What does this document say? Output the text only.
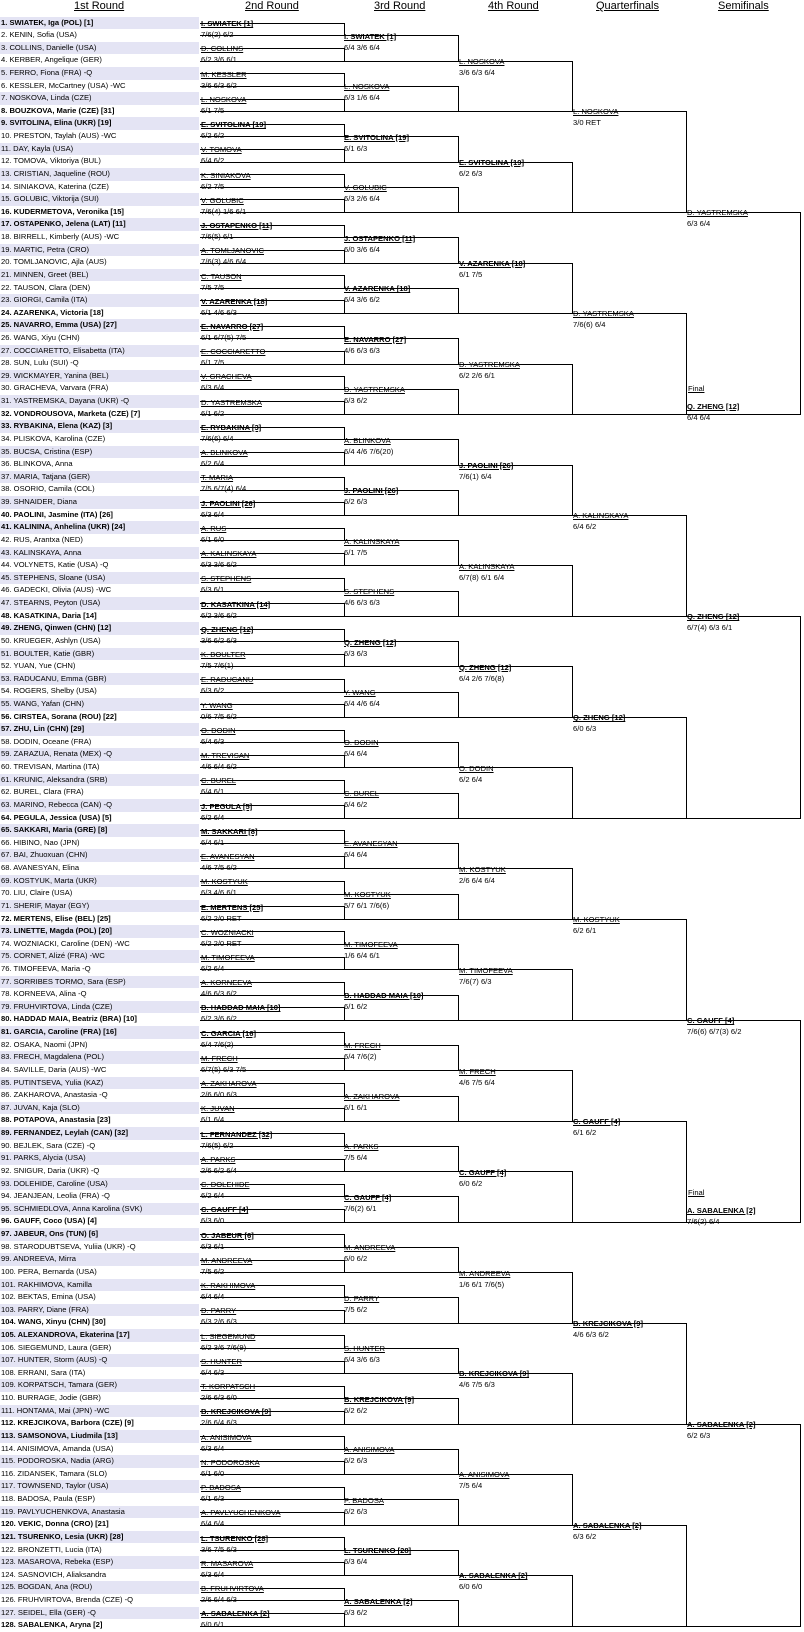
1st Round	2nd Round	3rd Round	4th Round	Quarterfinals	Semifinals
Final
Final
1. SWIATEK, Iga (POL) [1]
2. KENIN, Sofia (USA)
3. COLLINS, Danielle (USA)
4. KERBER, Angelique (GER)
5. FERRO, Fiona (FRA) -Q
6. KESSLER, McCartney (USA) -WC
7. NOSKOVA, Linda (CZE)
8. BOUZKOVA, Marie (CZE) [31]
9. SVITOLINA, Elina (UKR) [19]
10. PRESTON, Taylah (AUS) -WC
11. DAY, Kayla (USA)
12. TOMOVA, Viktoriya (BUL)
13. CRISTIAN, Jaqueline (ROU)
14. SINIAKOVA, Katerina (CZE)
15. GOLUBIC, Viktorija (SUI)
16. KUDERMETOVA, Veronika [15]
17. OSTAPENKO, Jelena (LAT) [11]
18. BIRRELL, Kimberly (AUS) -WC
19. MARTIC, Petra (CRO)
20. TOMLJANOVIC, Ajla (AUS)
21. MINNEN, Greet (BEL)
22. TAUSON, Clara (DEN)
23. GIORGI, Camila (ITA)
24. AZARENKA, Victoria [18]
25. NAVARRO, Emma (USA) [27]
26. WANG, Xiyu (CHN)
27. COCCIARETTO, Elisabetta (ITA)
28. SUN, Lulu (SUI) -Q
29. WICKMAYER, Yanina (BEL)
30. GRACHEVA, Varvara (FRA)
31. YASTREMSKA, Dayana (UKR) -Q
32. VONDROUSOVA, Marketa (CZE) [7]
33. RYBAKINA, Elena (KAZ) [3]
34. PLISKOVA, Karolina (CZE)
35. BUCSA, Cristina (ESP)
36. BLINKOVA, Anna
37. MARIA, Tatjana (GER)
38. OSORIO, Camila (COL)
39. SHNAIDER, Diana
40. PAOLINI, Jasmine (ITA) [26]
41. KALININA, Anhelina (UKR) [24]
42. RUS, Arantxa (NED)
43. KALINSKAYA, Anna
44. VOLYNETS, Katie (USA) -Q
45. STEPHENS, Sloane (USA)
46. GADECKI, Olivia (AUS) -WC
47. STEARNS, Peyton (USA)
48. KASATKINA, Daria [14]
49. ZHENG, Qinwen (CHN) [12]
50. KRUEGER, Ashlyn (USA)
51. BOULTER, Katie (GBR)
52. YUAN, Yue (CHN)
53. RADUCANU, Emma (GBR)
54. ROGERS, Shelby (USA)
55. WANG, Yafan (CHN)
56. CIRSTEA, Sorana (ROU) [22]
57. ZHU, Lin (CHN) [29]
58. DODIN, Oceane (FRA)
59. ZARAZUA, Renata (MEX) -Q
60. TREVISAN, Martina (ITA)
61. KRUNIC, Aleksandra (SRB)
62. BUREL, Clara (FRA)
63. MARINO, Rebecca (CAN) -Q
64. PEGULA, Jessica (USA) [5]
65. SAKKARI, Maria (GRE) [8]
66. HIBINO, Nao (JPN)
67. BAI, Zhuoxuan (CHN)
68. AVANESYAN, Elina
69. KOSTYUK, Marta (UKR)
70. LIU, Claire (USA)
71. SHERIF, Mayar (EGY)
72. MERTENS, Elise (BEL) [25]
73. LINETTE, Magda (POL) [20]
74. WOZNIACKI, Caroline (DEN) -WC
75. CORNET, Alizé (FRA) -WC
76. TIMOFEEVA, Maria -Q
77. SORRIBES TORMO, Sara (ESP)
78. KORNEEVA, Alina -Q
79. FRUHVIRTOVA, Linda (CZE)
80. HADDAD MAIA, Beatriz (BRA) [10]
81. GARCIA, Caroline (FRA) [16]
82. OSAKA, Naomi (JPN)
83. FRECH, Magdalena (POL)
84. SAVILLE, Daria (AUS) -WC
85. PUTINTSEVA, Yulia (KAZ)
86. ZAKHAROVA, Anastasia -Q
87. JUVAN, Kaja (SLO)
88. POTAPOVA, Anastasia [23]
89. FERNANDEZ, Leylah (CAN) [32]
90. BEJLEK, Sara (CZE) -Q
91. PARKS, Alycia (USA)
92. SNIGUR, Daria (UKR) -Q
93. DOLEHIDE, Caroline (USA)
94. JEANJEAN, Leolia (FRA) -Q
95. SCHMIEDLOVA, Anna Karolina (SVK)
96. GAUFF, Coco (USA) [4]
97. JABEUR, Ons (TUN) [6]
98. STARODUBTSEVA, Yuliia (UKR) -Q
99. ANDREEVA, Mirra
100. PERA, Bernarda (USA)
101. RAKHIMOVA, Kamilla
102. BEKTAS, Emina (USA)
103. PARRY, Diane (FRA)
104. WANG, Xinyu (CHN) [30]
105. ALEXANDROVA, Ekaterina [17]
106. SIEGEMUND, Laura (GER)
107. HUNTER, Storm (AUS) -Q
108. ERRANI, Sara (ITA)
109. KORPATSCH, Tamara (GER)
110. BURRAGE, Jodie (GBR)
111. HONTAMA, Mai (JPN) -WC
112. KREJCIKOVA, Barbora (CZE) [9]
113. SAMSONOVA, Liudmila [13]
114. ANISIMOVA, Amanda (USA)
115. PODOROSKA, Nadia (ARG)
116. ZIDANSEK, Tamara (SLO)
117. TOWNSEND, Taylor (USA)
118. BADOSA, Paula (ESP)
119. PAVLYUCHENKOVA, Anastasia
120. VEKIC, Donna (CRO) [21]
121. TSURENKO, Lesia (UKR) [28]
122. BRONZETTI, Lucia (ITA)
123. MASAROVA, Rebeka (ESP)
124. SASNOVICH, Aliaksandra
125. BOGDAN, Ana (ROU)
126. FRUHVIRTOVA, Brenda (CZE) -Q
127. SEIDEL, Ella (GER) -Q
128. SABALENKA, Aryna [2]
6/4 3/6 6/4
6/3 1/6 6/4
6/1 6/3
6/3 2/6 6/4
6/0 3/6 6/4
6/4 3/6 6/2
4/6 6/3 6/3
6/3 6/2
6/4 4/6 7/6(20)
6/2 6/3
6/1 7/5
4/6 6/3 6/3
6/3 6/3
6/4 4/6 6/4
6/4 6/4
6/4 6/2
6/4 6/4
5/7 6/1 7/6(6)
1/6 6/4 6/1
6/1 6/2
6/4 7/6(2)
6/1 6/1
7/5 6/4
7/6(2) 6/1
6/0 6/2
7/5 6/2
6/4 3/6 6/3
6/2 6/2
6/2 6/3
6/2 6/3
6/3 6/4
6/3 6/2
3/6 6/3 6/4
6/2 6/3
6/1 7/5
6/2 2/6 6/1
7/6(1) 6/4
6/7(8) 6/1 6/4
6/4 2/6 7/6(8)
6/2 6/4
2/6 6/4 6/4
7/6(7) 6/3
4/6 7/5 6/4
6/0 6/2
1/6 6/1 7/6(5)
4/6 7/5 6/3
7/5 6/4
6/0 6/0
3/0 RET
7/6(6) 6/4
6/4 6/2
6/0 6/3
6/2 6/1
6/1 6/2
4/6 6/3 6/2
6/3 6/2
6/3 6/4
6/7(4) 6/3 6/1
7/6(6) 6/7(3) 6/2
6/2 6/3
Q. ZHENG [12]
6/4 6/4
A. SABALENKA [2]
7/6(2) 6/4
